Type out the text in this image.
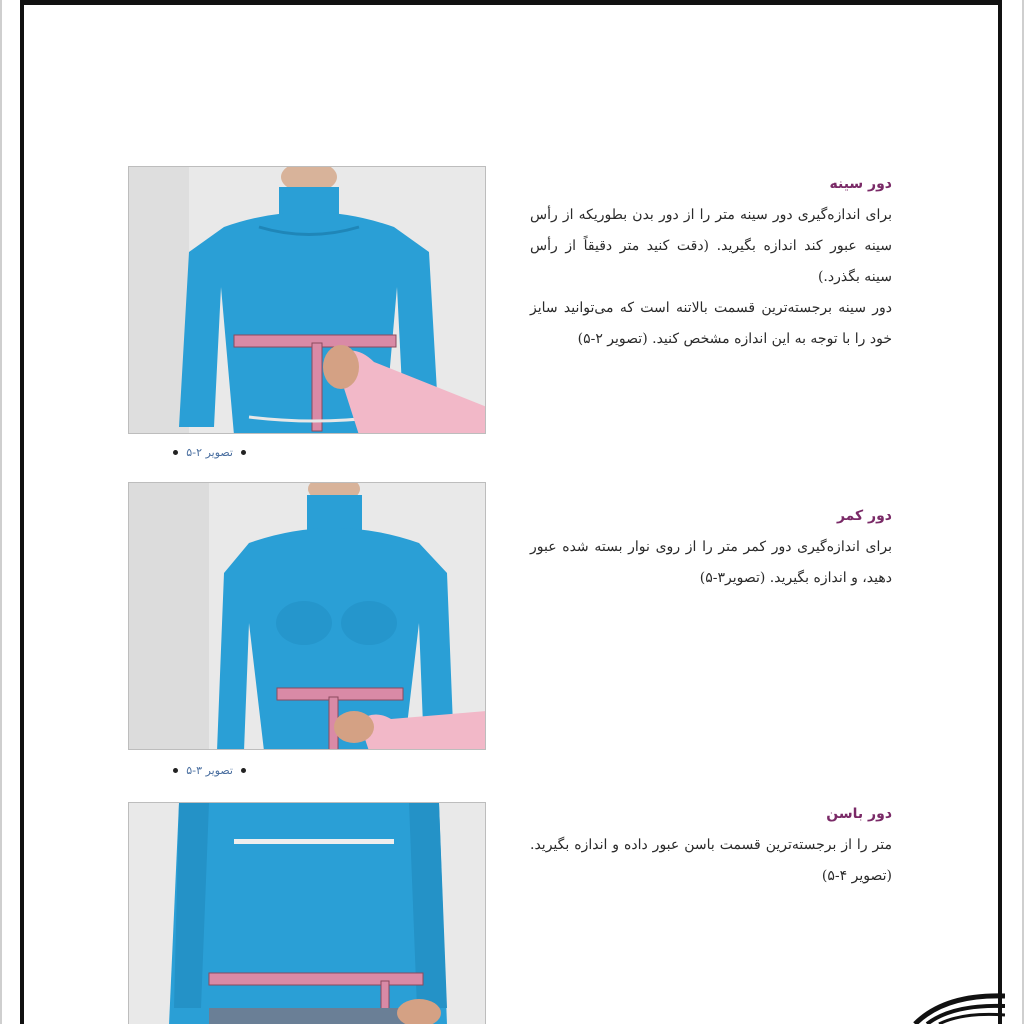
تصویر ۲-۵
دور سینه

برای اندازه‌گیری دور سینه متر را از دور بدن بطوریکه از رأس سینه عبور کند اندازه بگیرید. (دقت کنید متر دقیقاً از رأس سینه بگذرد.)

دور سینه برجسته‌ترین قسمت بالاتنه است که می‌توانید سایز خود را با توجه به این اندازه مشخص کنید. (تصویر ۲-۵)

تصویر ۳-۵
دور کمر

برای اندازه‌گیری دور کمر متر را از روی نوار بسته شده عبور دهید، و اندازه بگیرید. (تصویر۳-۵)

دور باسن

متر را از برجسته‌ترین قسمت باسن عبور داده و اندازه بگیرید.(تصویر ۴-۵)
